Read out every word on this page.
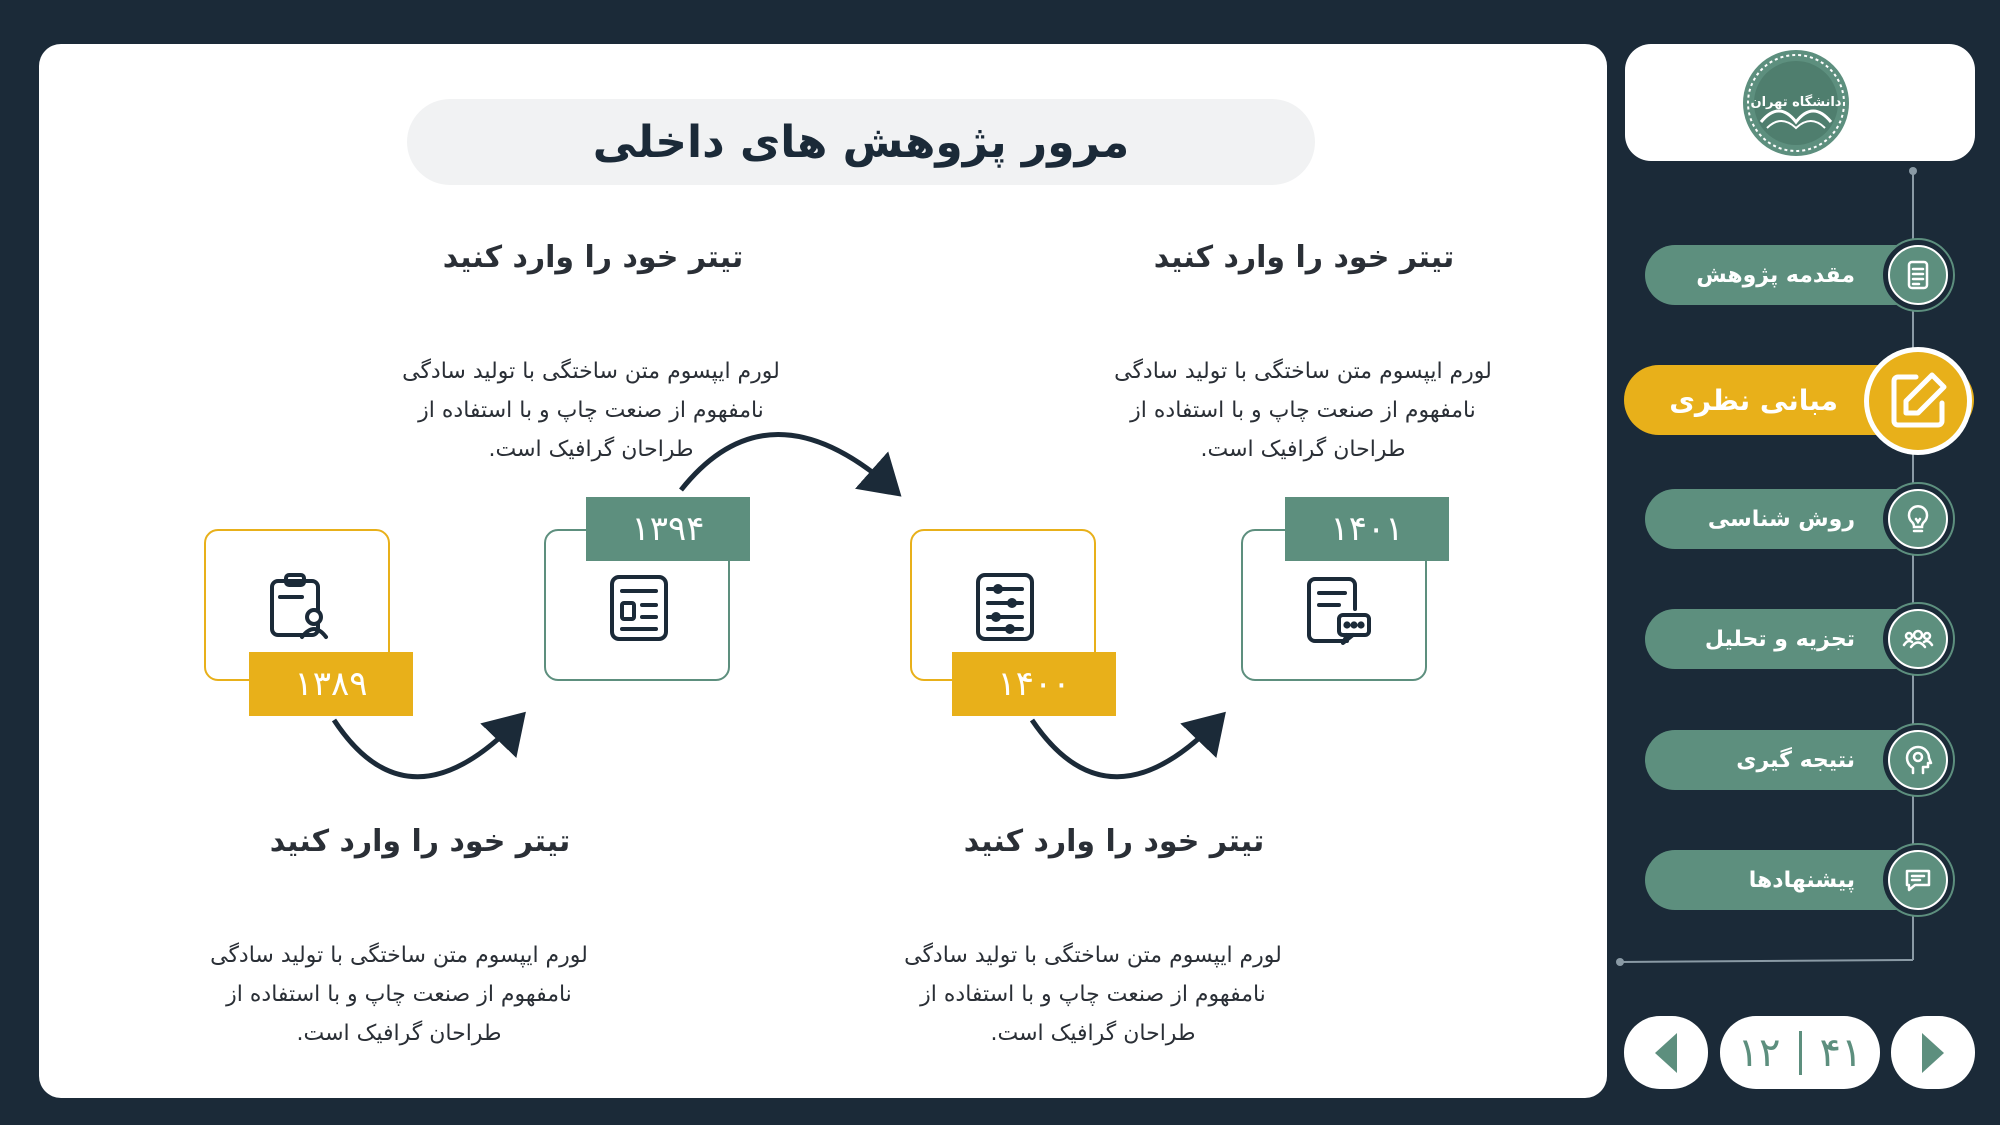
مرور پژوهش های داخلی
تیتر خود را وارد کنید
لورم ایپسوم متن ساختگی با تولید سادگی
نامفهوم از صنعت چاپ و با استفاده از
طراحان گرافیک است.
تیتر خود را وارد کنید
لورم ایپسوم متن ساختگی با تولید سادگی
نامفهوم از صنعت چاپ و با استفاده از
طراحان گرافیک است.
تیتر خود را وارد کنید
لورم ایپسوم متن ساختگی با تولید سادگی
نامفهوم از صنعت چاپ و با استفاده از
طراحان گرافیک است.
تیتر خود را وارد کنید
لورم ایپسوم متن ساختگی با تولید سادگی
نامفهوم از صنعت چاپ و با استفاده از
طراحان گرافیک است.
۱۳۸۹
۱۳۹۴
۱۴۰۰
۱۴۰۱
دانشگاه تهران
مقدمه پژوهش
مبانی نظری
روش شناسی
تجزیه و تحلیل
نتیجه گیری
پیشنهادها
۱۲ ۴۱
